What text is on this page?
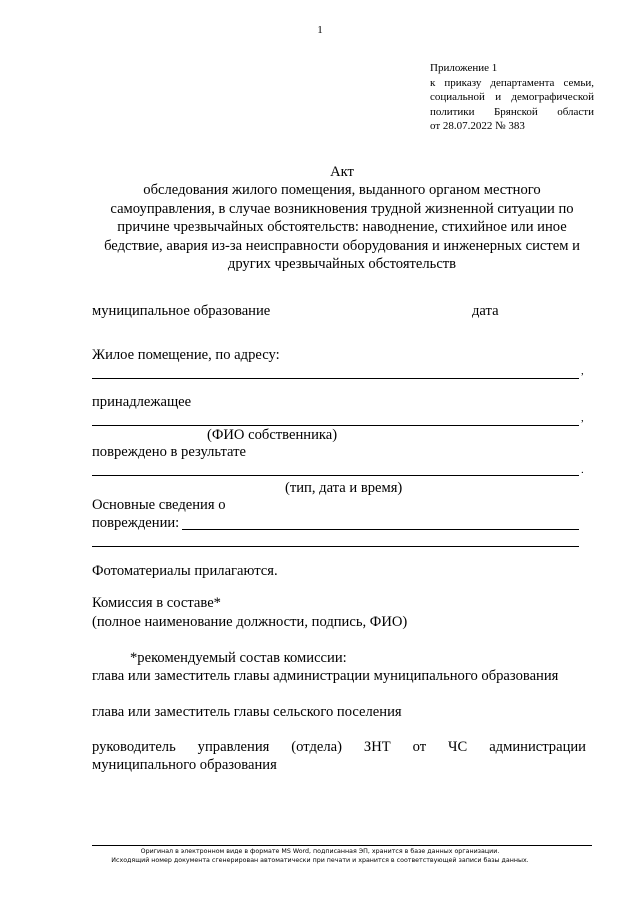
1
Приложение 1
к приказу департамента семьи,
социальной и демографической
политики Брянской области
от 28.07.2022 № 383
Акт
обследования жилого помещения, выданного органом местного
самоуправления, в случае возникновения трудной жизненной ситуации по
причине чрезвычайных обстоятельств: наводнение, стихийное или иное
бедствие, авария из-за неисправности оборудования и инженерных систем и
других чрезвычайных обстоятельств
муниципальное образование	дата
Жилое помещение, по адресу:
,
принадлежащее
,
(ФИО собственника)
повреждено в результате
.
(тип, дата и время)
Основные сведения о
повреждении:
Фотоматериалы прилагаются.
Комиссия в составе*
(полное наименование должности, подпись, ФИО)
*рекомендуемый состав комиссии:
глава или заместитель главы администрации муниципального образования
глава или заместитель главы сельского поселения
руководитель управления (отдела) ЗНТ от ЧС администрации
муниципального образования
Оригинал в электронном виде в формате MS Word, подписанная ЭП, хранится в базе данных организации.
Исходящий номер документа сгенерирован автоматически при печати и хранится в соответствующей записи базы данных.
